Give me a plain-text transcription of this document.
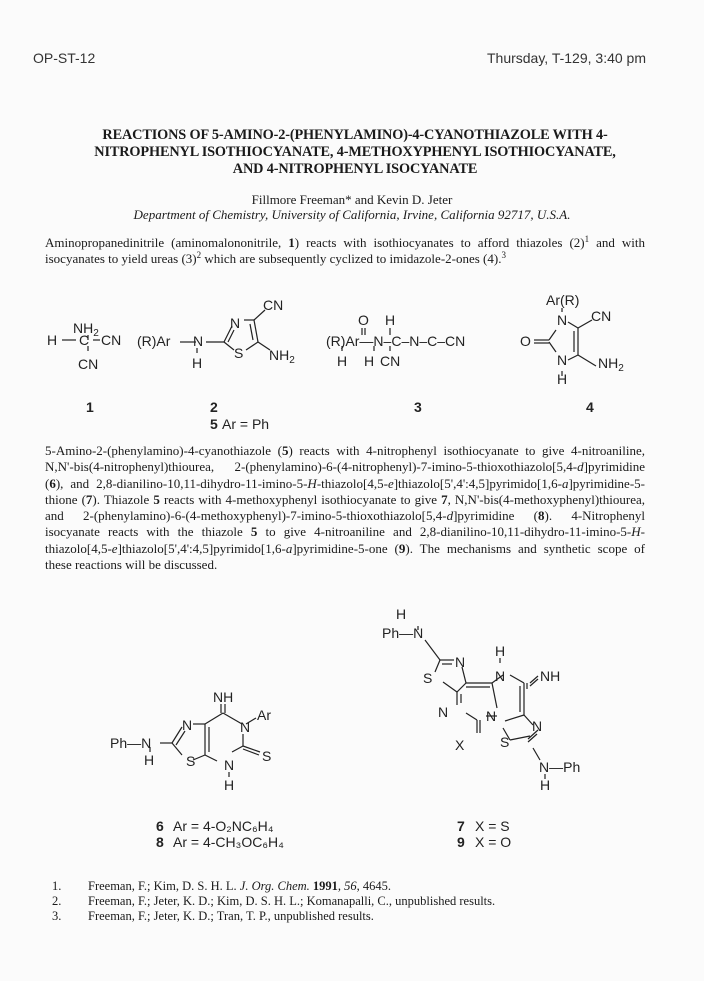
OP-ST-12	Thursday, T-129, 3:40 pm
REACTIONS OF 5-AMINO-2-(PHENYLAMINO)-4-CYANOTHIAZOLE WITH 4-
NITROPHENYL ISOTHIOCYANATE, 4-METHOXYPHENYL ISOTHIOCYANATE,
AND 4-NITROPHENYL ISOCYANATE
Fillmore Freeman* and Kevin D. Jeter
Department of Chemistry, University of California, Irvine, California 92717, U.S.A.
Aminopropanedinitrile (aminomalononitrile, 1) reacts with isothiocyanates to afford thiazoles $(2)^1$ and with isocyanates to yield ureas $(3)^2$ which are subsequently cyclized to imidazole-2-ones (4).$^3$
$NH_2$
H C CN
CN
1
(R)Ar N
H
N
S
CN
$NH_2$
2
5 Ar = Ph
O H
(R)Ar—N–C–N–C–CN
H H CN
3
Ar(R)
N CN
O
N $NH_2$
H
4
5-Amino-2-(phenylamino)-4-cyanothiazole (5) reacts with 4-nitrophenyl isothiocyanate to give 4-nitroaniline, N,N'-bis(4-nitrophenyl)thiourea, 2-(phenylamino)-6-(4-nitrophenyl)-7-imino-5-thioxothiazolo[5,4-d]pyrimidine (6), and 2,8-dianilino-10,11-dihydro-11-imino-5-H-thiazolo[4,5-e]thiazolo[5',4':4,5]pyrimido[1,6-a]pyrimidine-5-thione (7). Thiazole 5 reacts with 4-methoxyphenyl isothiocyanate to give 7, N,N'-bis(4-methoxyphenyl)thiourea, and 2-(phenylamino)-6-(4-methoxyphenyl)-7-imino-5-thioxothiazolo[5,4-d]pyrimidine (8). 4-Nitrophenyl isocyanate reacts with the thiazole 5 to give 4-nitroaniline and 2,8-dianilino-10,11-dihydro-11-imino-5-H-thiazolo[4,5-e]thiazolo[5',4':4,5]pyrimido[1,6-a]pyrimidine-5-one (9). The mechanisms and synthetic scope of these reactions will be discussed.
Ph—N
H
NH
N
S
N
Ar
N
H
S
H
Ph—N
N
S
N
X
N
H
N NH
N
S
N—Ph
H
6 Ar = 4-O₂NC₆H₄
8 Ar = 4-CH₃OC₆H₄
7 X = S
9 X = O
1.	Freeman, F.; Kim, D. S. H. L. J. Org. Chem. 1991, 56, 4645.
2.	Freeman, F.; Jeter, K. D.; Kim, D. S. H. L.; Komanapalli, C., unpublished results.
3.	Freeman, F.; Jeter, K. D.; Tran, T. P., unpublished results.
